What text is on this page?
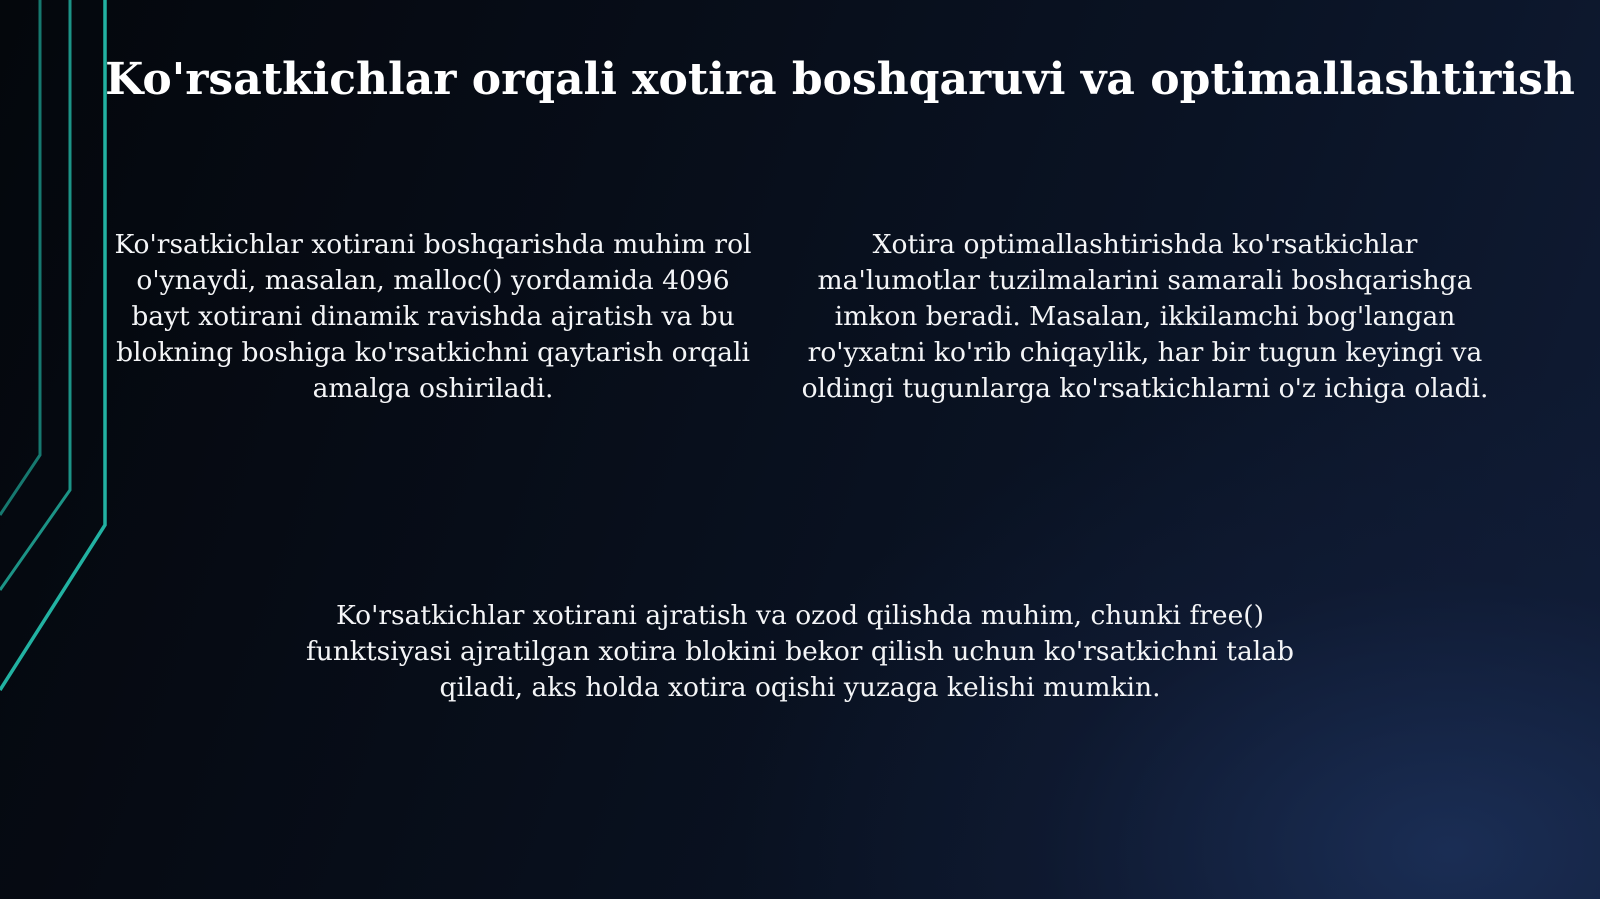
Ko'rsatkichlar orqali xotira boshqaruvi va optimallashtirish

Ko'rsatkichlar xotirani boshqarishda muhim rol o'ynaydi, masalan, malloc() yordamida 4096 bayt xotirani dinamik ravishda ajratish va bu blokning boshiga ko'rsatkichni qaytarish orqali amalga oshiriladi.

Xotira optimallashtirishda ko'rsatkichlar ma'lumotlar tuzilmalarini samarali boshqarishga imkon beradi. Masalan, ikkilamchi bog'langan ro'yxatni ko'rib chiqaylik, har bir tugun keyingi va oldingi tugunlarga ko'rsatkichlarni o'z ichiga oladi.

Ko'rsatkichlar xotirani ajratish va ozod qilishda muhim, chunki free() funktsiyasi ajratilgan xotira blokini bekor qilish uchun ko'rsatkichni talab qiladi, aks holda xotira oqishi yuzaga kelishi mumkin.
